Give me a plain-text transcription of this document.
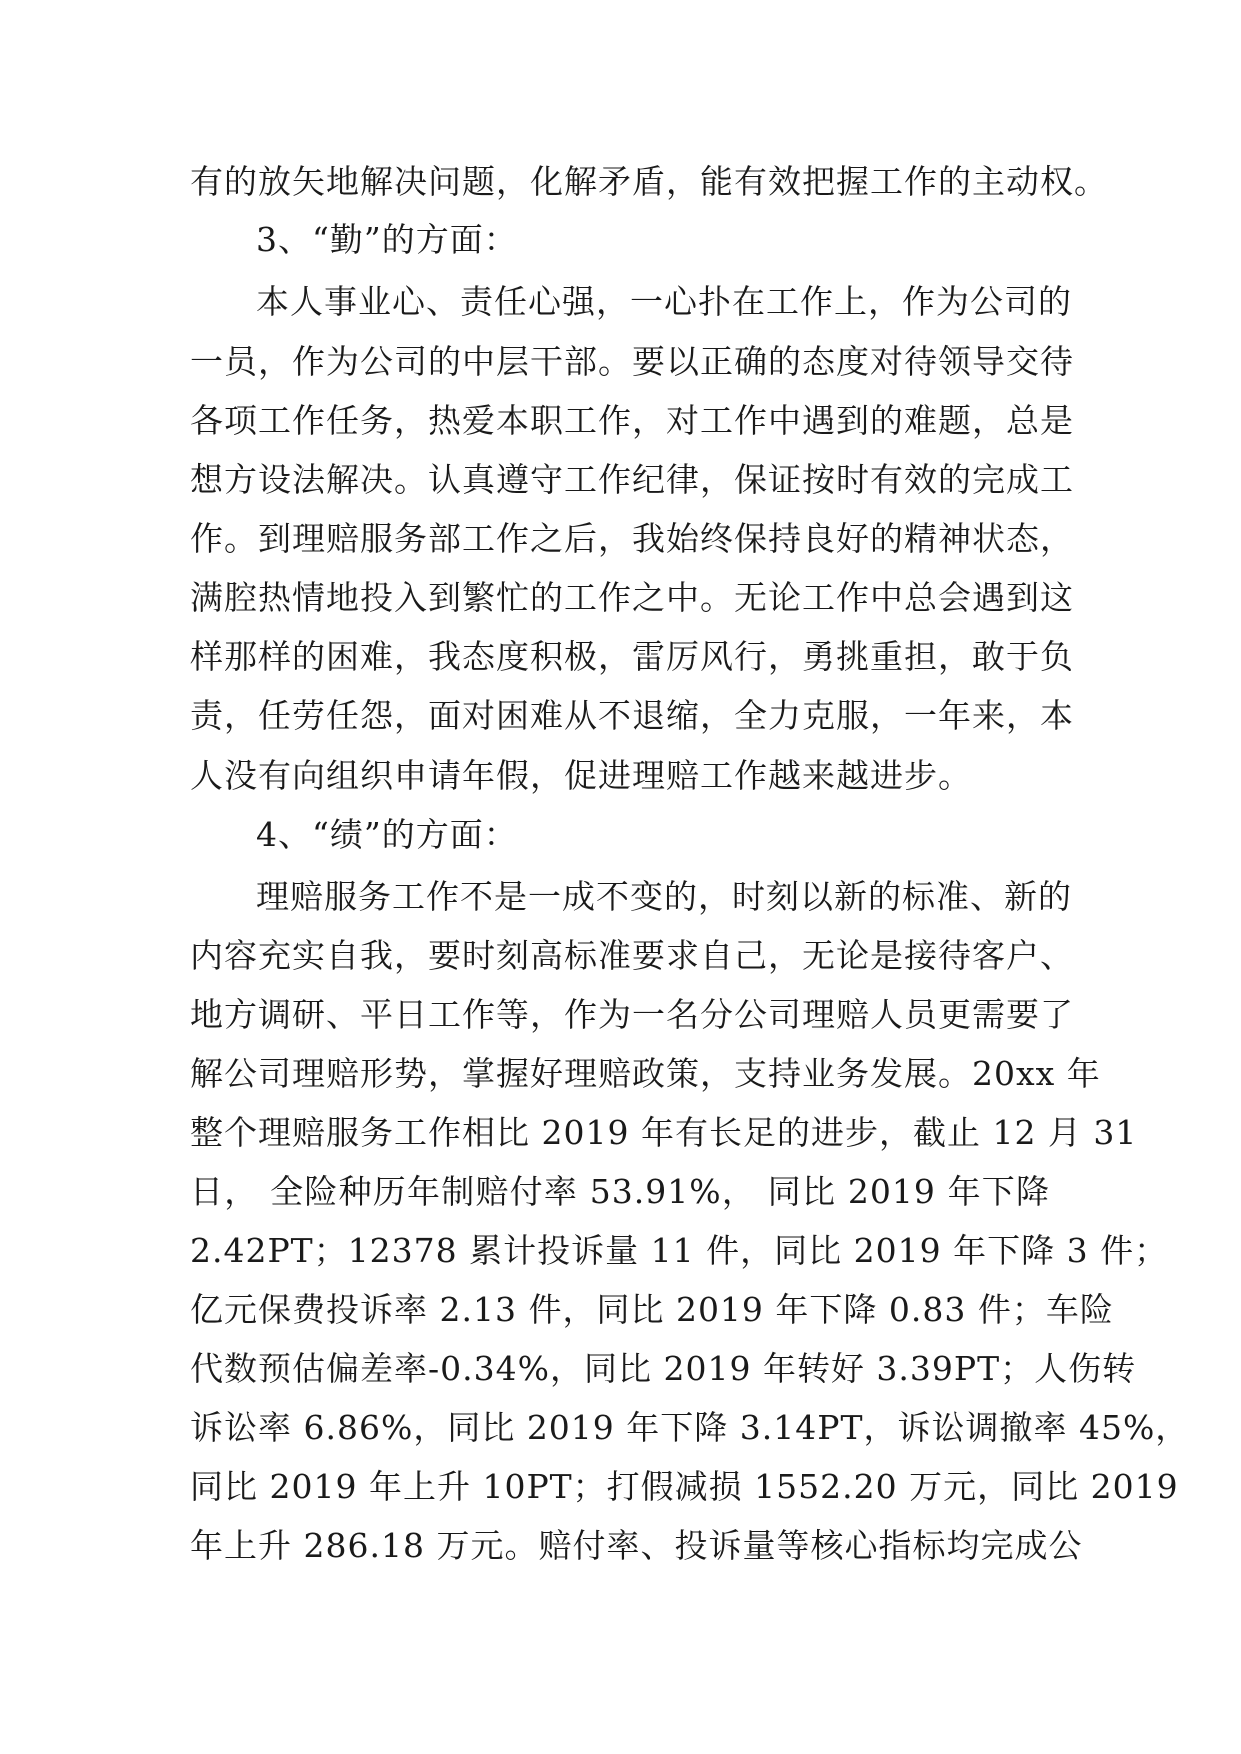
有的放矢地解决问题，化解矛盾，能有效把握工作的主动权。
3、“勤”的方面：
本人事业心、责任心强，一心扑在工作上，作为公司的
一员，作为公司的中层干部。要以正确的态度对待领导交待
各项工作任务，热爱本职工作，对工作中遇到的难题，总是
想方设法解决。认真遵守工作纪律，保证按时有效的完成工
作。到理赔服务部工作之后，我始终保持良好的精神状态，
满腔热情地投入到繁忙的工作之中。无论工作中总会遇到这
样那样的困难，我态度积极，雷厉风行，勇挑重担，敢于负
责，任劳任怨，面对困难从不退缩，全力克服，一年来，本
人没有向组织申请年假，促进理赔工作越来越进步。
4、“绩”的方面：
理赔服务工作不是一成不变的，时刻以新的标准、新的
内容充实自我，要时刻高标准要求自己，无论是接待客户、
地方调研、平日工作等，作为一名分公司理赔人员更需要了
解公司理赔形势，掌握好理赔政策，支持业务发展。20xx 年
整个理赔服务工作相比 2019 年有长足的进步，截止 12 月 31
日， 全险种历年制赔付率 53.91%， 同比 2019 年下降
2.42PT；12378 累计投诉量 11 件，同比 2019 年下降 3 件；
亿元保费投诉率 2.13 件，同比 2019 年下降 0.83 件；车险
代数预估偏差率-0.34%，同比 2019 年转好 3.39PT；人伤转
诉讼率 6.86%，同比 2019 年下降 3.14PT，诉讼调撤率 45%，
同比 2019 年上升 10PT；打假减损 1552.20 万元，同比 2019
年上升 286.18 万元。赔付率、投诉量等核心指标均完成公
